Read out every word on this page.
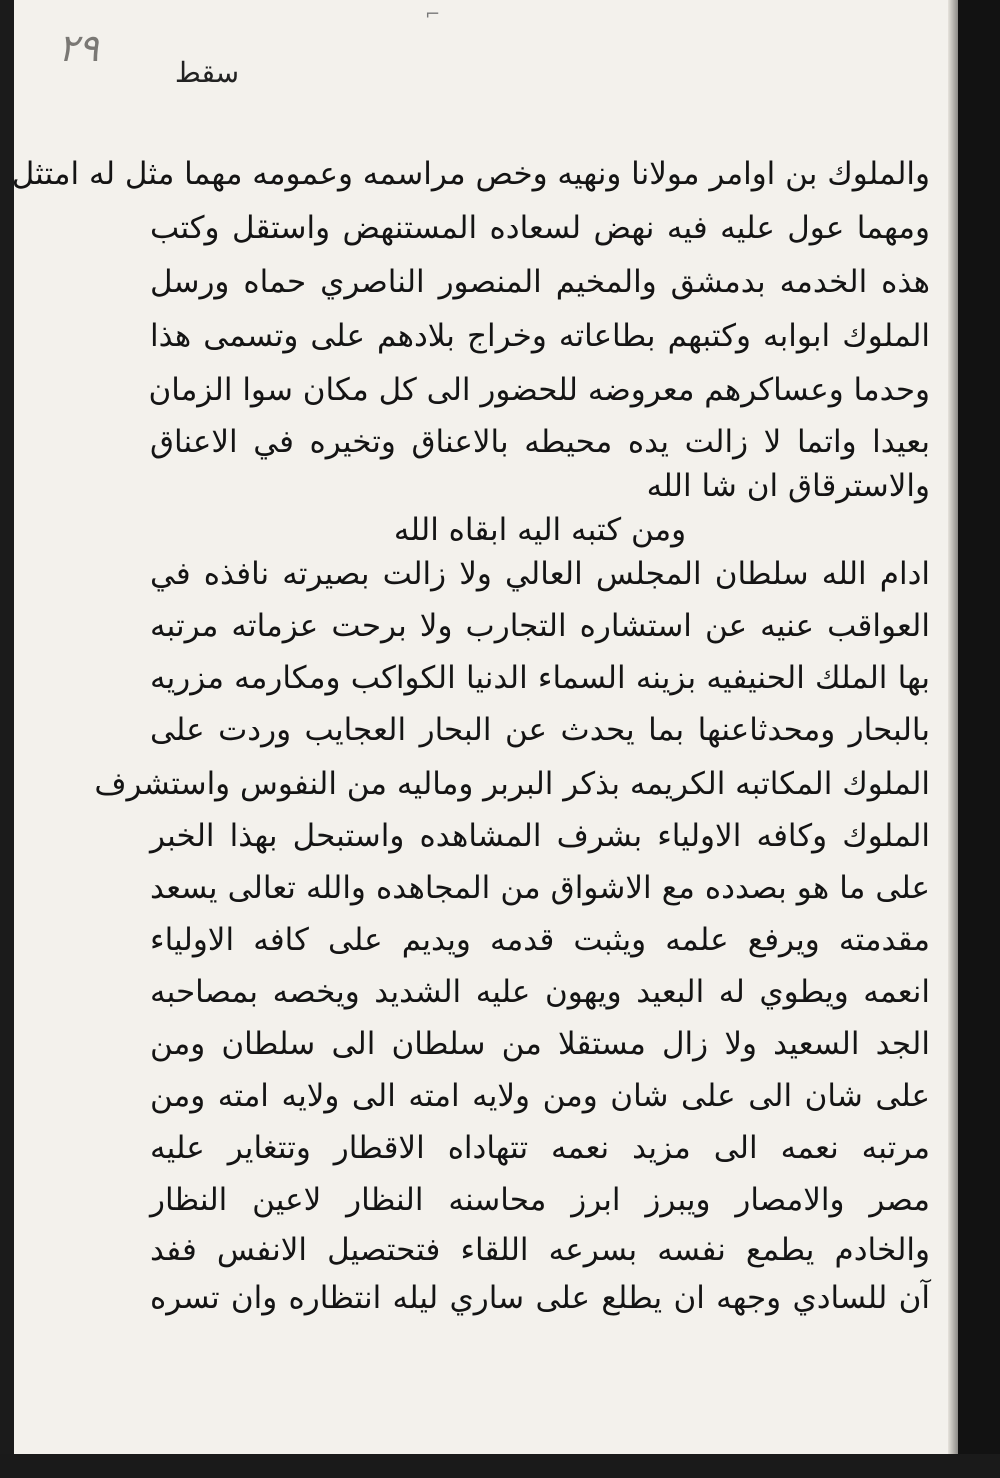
⌐
٢٩
سقط
والملوك بن اوامر مولانا ونهيه وخص مراسمه وعمومه مهما مثل له امتثل
ومهما عول عليه فيه نهض لسعاده المستنهض واستقل وكتب
هذه الخدمه بدمشق والمخيم المنصور الناصري حماه ورسل
الملوك ابوابه وكتبهم بطاعاته وخراج بلادهم على وتسمى هذا
وحدما وعساكرهم معروضه للحضور الى كل مكان سوا الزمان
بعيدا واتما لا زالت يده محيطه بالاعناق وتخيره في الاعناق
والاسترقاق ان شا الله
ومن كتبه اليه ابقاه الله
ادام الله سلطان المجلس العالي ولا زالت بصيرته نافذه في
العواقب عنيه عن استشاره التجارب ولا برحت عزماته مرتبه
بها الملك الحنيفيه بزينه السماء الدنيا الكواكب ومكارمه مزريه
بالبحار ومحدثاعنها بما يحدث عن البحار العجايب وردت على
الملوك المكاتبه الكريمه بذكر البربر وماليه من النفوس واستشرف
الملوك وكافه الاولياء بشرف المشاهده واستبحل بهذا الخبر
على ما هو بصدده مع الاشواق من المجاهده والله تعالى يسعد
مقدمته ويرفع علمه ويثبت قدمه ويديم على كافه الاولياء
انعمه ويطوي له البعيد ويهون عليه الشديد ويخصه بمصاحبه
الجد السعيد ولا زال مستقلا من سلطان الى سلطان ومن
على شان الى على شان ومن ولايه امته الى ولايه امته ومن
مرتبه نعمه الى مزيد نعمه تتهاداه الاقطار وتتغاير عليه
مصر والامصار ويبرز ابرز محاسنه النظار لاعين النظار
والخادم يطمع نفسه بسرعه اللقاء فتحتصيل الانفس ففد
آن للسادي وجهه ان يطلع على ساري ليله انتظاره وان تسره
